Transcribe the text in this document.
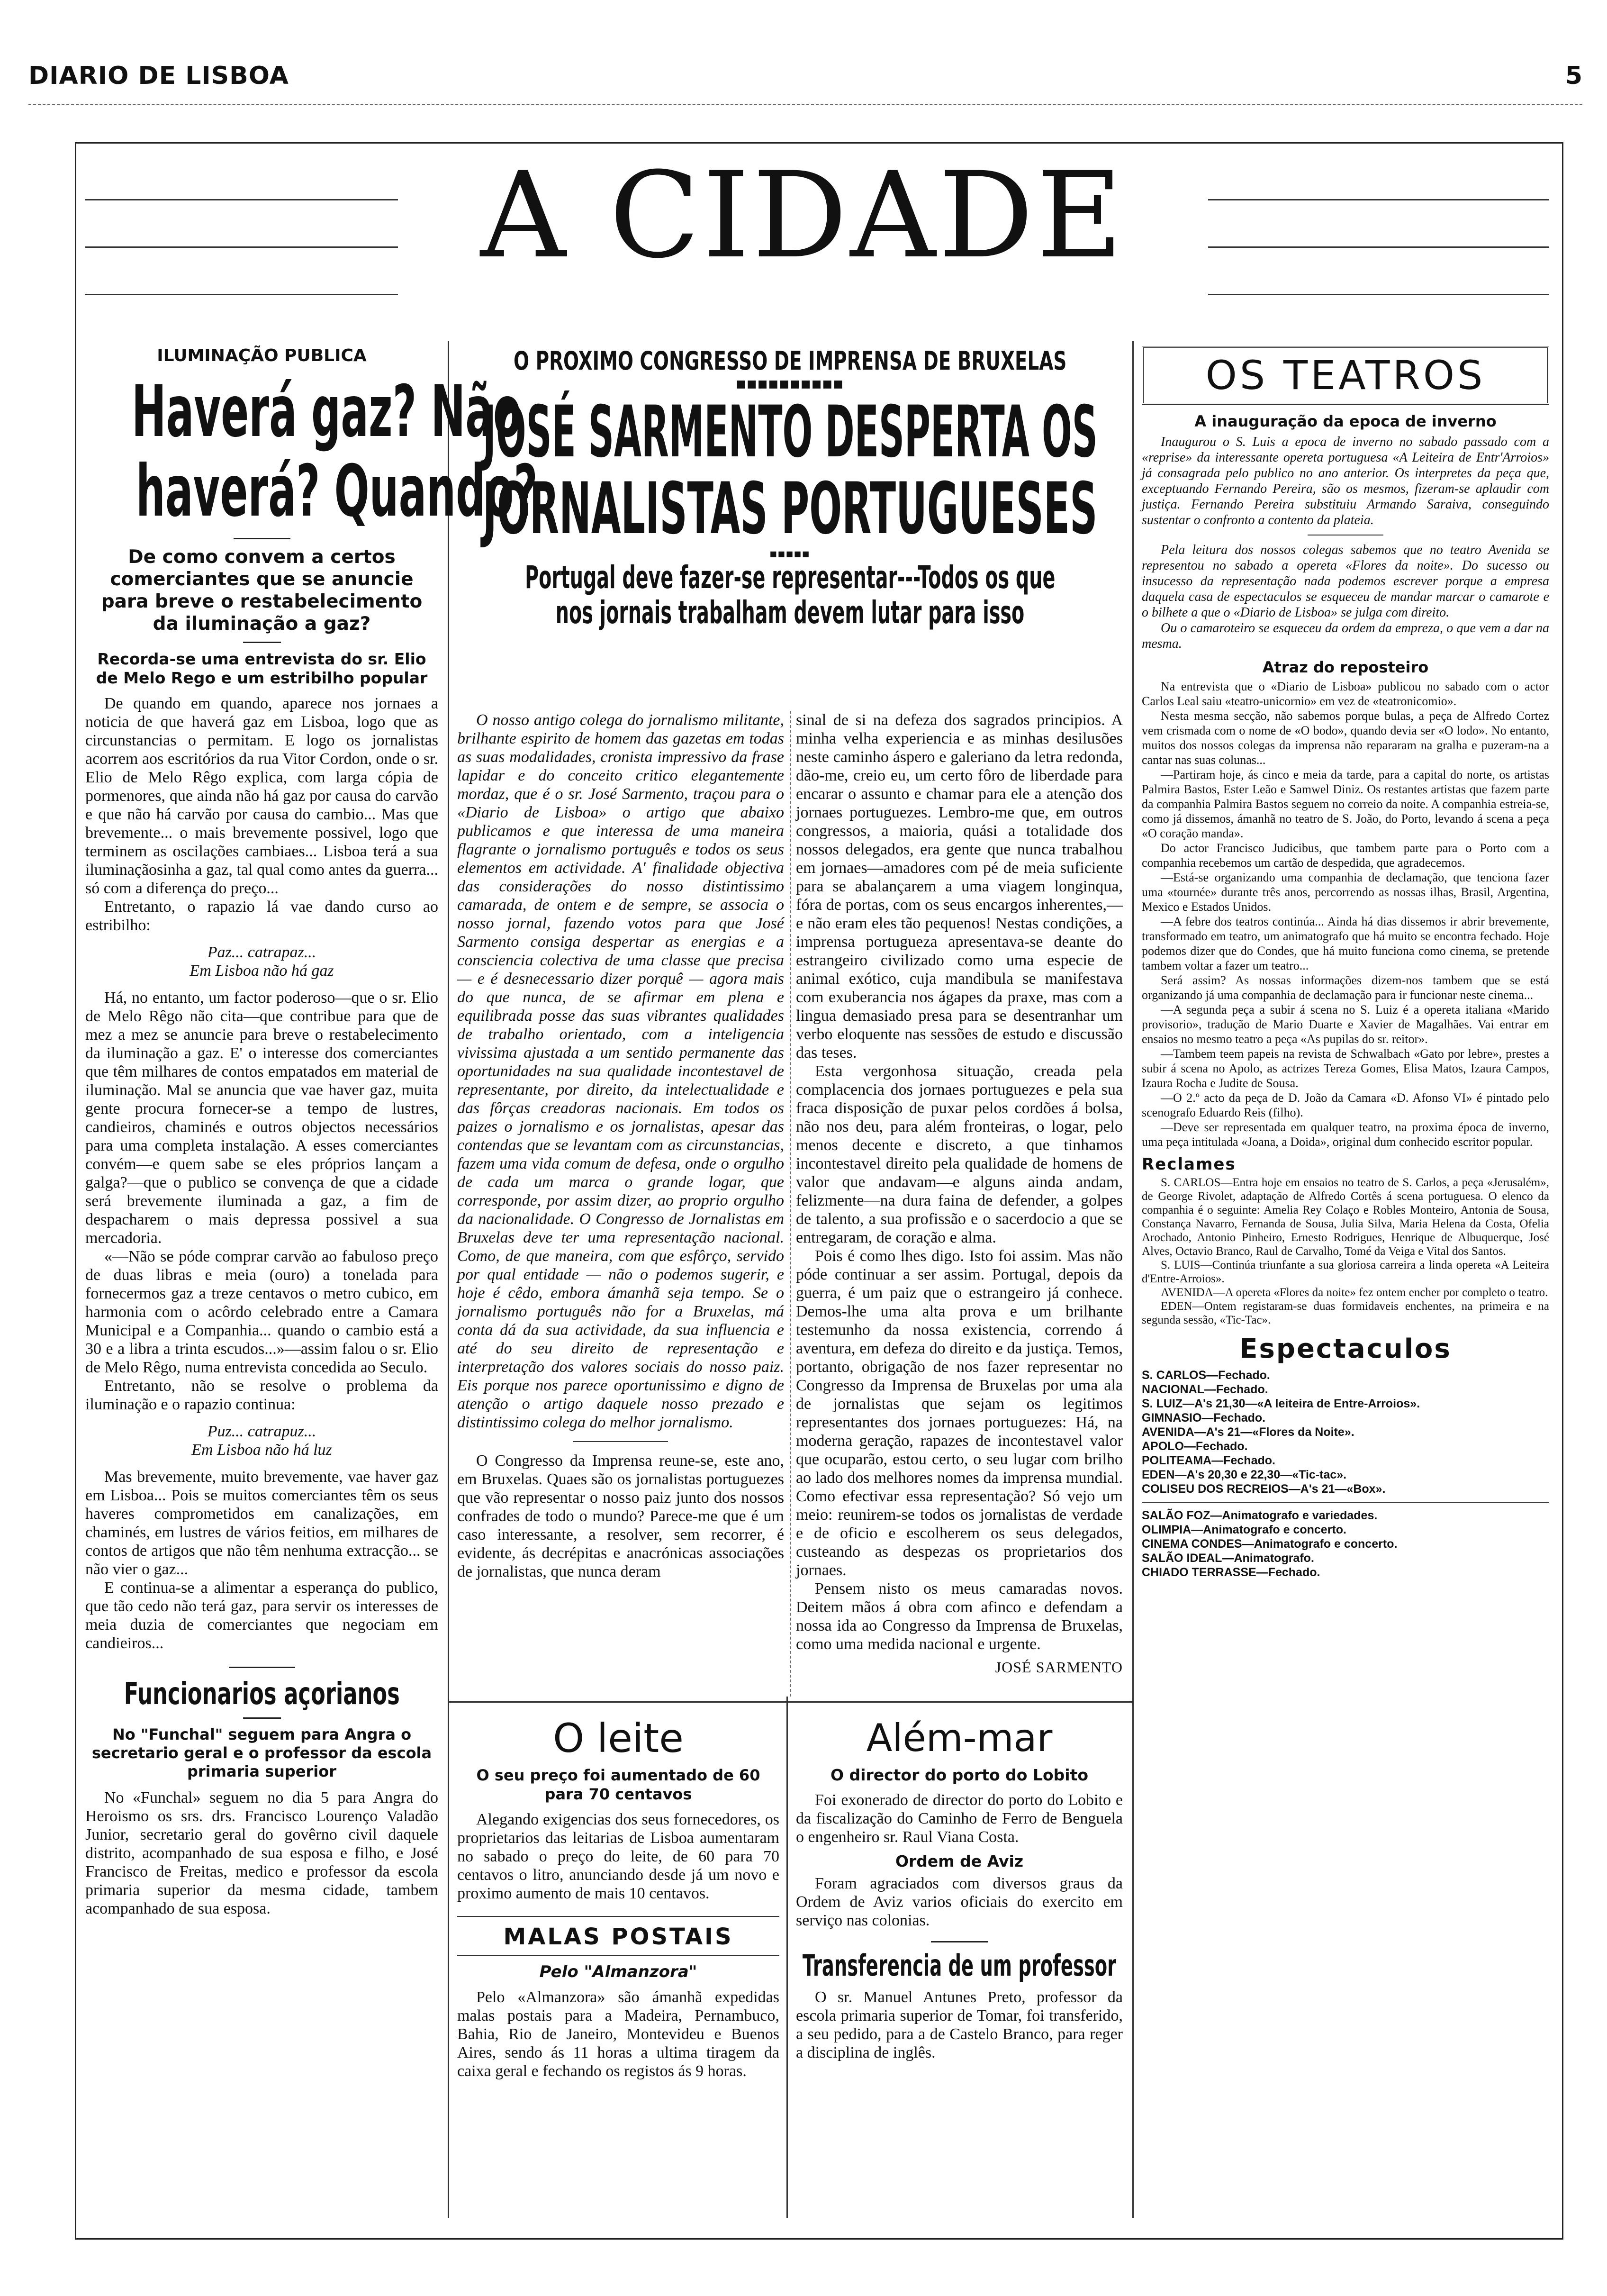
DIARIO DE LISBOA	5
A CIDADE
ILUMINAÇÃO PUBLICA
Haverá gaz? Não
haverá? Quando?
De como convem a certos comerciantes que se anuncie para breve o restabelecimento da iluminação a gaz?
Recorda-se uma entrevista do sr. Elio de Melo Rego e um estribilho popular

De quando em quando, aparece nos jornaes a noticia de que haverá gaz em Lisboa, logo que as circunstancias o permitam. E logo os jornalistas acorrem aos escritórios da rua Vitor Cordon, onde o sr. Elio de Melo Rêgo explica, com larga cópia de pormenores, que ainda não há gaz por causa do carvão e que não há carvão por causa do cambio... Mas que brevemente... o mais brevemente possivel, logo que terminem as oscilações cambiaes... Lisboa terá a sua iluminaçãosinha a gaz, tal qual como antes da guerra... só com a diferença do preço...

Entretanto, o rapazio lá vae dando curso ao estribilho:

Paz... catrapaz...
Em Lisboa não há gaz

Há, no entanto, um factor poderoso—que o sr. Elio de Melo Rêgo não cita—que contribue para que de mez a mez se anuncie para breve o restabelecimento da iluminação a gaz. E' o interesse dos comerciantes que têm milhares de contos empatados em material de iluminação. Mal se anuncia que vae haver gaz, muita gente procura fornecer-se a tempo de lustres, candieiros, chaminés e outros objectos necessários para uma completa instalação. A esses comerciantes convém—e quem sabe se eles próprios lançam a galga?—que o publico se convença de que a cidade será brevemente iluminada a gaz, a fim de despacharem o mais depressa possivel a sua mercadoria.

«—Não se póde comprar carvão ao fabuloso preço de duas libras e meia (ouro) a tonelada para fornecermos gaz a treze centavos o metro cubico, em harmonia com o acôrdo celebrado entre a Camara Municipal e a Companhia... quando o cambio está a 30 e a libra a trinta escudos...»—assim falou o sr. Elio de Melo Rêgo, numa entrevista concedida ao Seculo.

Entretanto, não se resolve o problema da iluminação e o rapazio continua:

Puz... catrapuz...
Em Lisboa não há luz

Mas brevemente, muito brevemente, vae haver gaz em Lisboa... Pois se muitos comerciantes têm os seus haveres comprometidos em canalizações, em chaminés, em lustres de vários feitios, em milhares de contos de artigos que não têm nenhuma extracção... se não vier o gaz...

E continua-se a alimentar a esperança do publico, que tão cedo não terá gaz, para servir os interesses de meia duzia de comerciantes que negociam em candieiros...

Funcionarios açorianos
No "Funchal" seguem para Angra o secretario geral e o professor da escola primaria superior

No «Funchal» seguem no dia 5 para Angra do Heroismo os srs. drs. Francisco Lourenço Valadão Junior, secretario geral do govêrno civil daquele distrito, acompanhado de sua esposa e filho, e José Francisco de Freitas, medico e professor da escola primaria superior da mesma cidade, tambem acompanhado de sua esposa.

O PROXIMO CONGRESSO DE IMPRENSA DE BRUXELAS
■■■■■■■■■■
JOSÉ SARMENTO DESPERTA OS
JORNALISTAS PORTUGUESES
■■■■■
Portugal deve fazer-se representar---Todos os que
nos jornais trabalham devem lutar para isso

O nosso antigo colega do jornalismo militante, brilhante espirito de homem das gazetas em todas as suas modalidades, cronista impressivo da frase lapidar e do conceito critico elegantemente mordaz, que é o sr. José Sarmento, traçou para o «Diario de Lisboa» o artigo que abaixo publicamos e que interessa de uma maneira flagrante o jornalismo português e todos os seus elementos em actividade. A' finalidade objectiva das considerações do nosso distintissimo camarada, de ontem e de sempre, se associa o nosso jornal, fazendo votos para que José Sarmento consiga despertar as energias e a consciencia colectiva de uma classe que precisa — e é desnecessario dizer porquê — agora mais do que nunca, de se afirmar em plena e equilibrada posse das suas vibrantes qualidades de trabalho orientado, com a inteligencia vivissima ajustada a um sentido permanente das oportunidades na sua qualidade incontestavel de representante, por direito, da intelectualidade e das fôrças creadoras nacionais. Em todos os paizes o jornalismo e os jornalistas, apesar das contendas que se levantam com as circunstancias, fazem uma vida comum de defesa, onde o orgulho de cada um marca o grande logar, que corresponde, por assim dizer, ao proprio orgulho da nacionalidade. O Congresso de Jornalistas em Bruxelas deve ter uma representação nacional. Como, de que maneira, com que esfôrço, servido por qual entidade — não o podemos sugerir, e hoje é cêdo, embora ámanhã seja tempo. Se o jornalismo português não for a Bruxelas, má conta dá da sua actividade, da sua influencia e até do seu direito de representação e interpretação dos valores sociais do nosso paiz. Eis porque nos parece oportunissimo e digno de atenção o artigo daquele nosso prezado e distintissimo colega do melhor jornalismo.

O Congresso da Imprensa reune-se, este ano, em Bruxelas. Quaes são os jornalistas portuguezes que vão representar o nosso paiz junto dos nossos confrades de todo o mundo? Parece-me que é um caso interessante, a resolver, sem recorrer, é evidente, ás decrépitas e anacrónicas associações de jornalistas, que nunca deram

sinal de si na defeza dos sagrados principios. A minha velha experiencia e as minhas desilusões neste caminho áspero e galeriano da letra redonda, dão-me, creio eu, um certo fôro de liberdade para encarar o assunto e chamar para ele a atenção dos jornaes portuguezes. Lembro-me que, em outros congressos, a maioria, quási a totalidade dos nossos delegados, era gente que nunca trabalhou em jornaes—amadores com pé de meia suficiente para se abalançarem a uma viagem longinqua, fóra de portas, com os seus encargos inherentes,—e não eram eles tão pequenos! Nestas condições, a imprensa portugueza apresentava-se deante do estrangeiro civilizado como uma especie de animal exótico, cuja mandibula se manifestava com exuberancia nos ágapes da praxe, mas com a lingua demasiado presa para se desentranhar um verbo eloquente nas sessões de estudo e discussão das teses.

Esta vergonhosa situação, creada pela complacencia dos jornaes portuguezes e pela sua fraca disposição de puxar pelos cordões á bolsa, não nos deu, para além fronteiras, o logar, pelo menos decente e discreto, a que tinhamos incontestavel direito pela qualidade de homens de valor que andavam—e alguns ainda andam, felizmente—na dura faina de defender, a golpes de talento, a sua profissão e o sacerdocio a que se entregaram, de coração e alma.

Pois é como lhes digo. Isto foi assim. Mas não póde continuar a ser assim. Portugal, depois da guerra, é um paiz que o estrangeiro já conhece. Demos-lhe uma alta prova e um brilhante testemunho da nossa existencia, correndo á aventura, em defeza do direito e da justiça. Temos, portanto, obrigação de nos fazer representar no Congresso da Imprensa de Bruxelas por uma ala de jornalistas que sejam os legitimos representantes dos jornaes portuguezes: Há, na moderna geração, rapazes de incontestavel valor que ocuparão, estou certo, o seu lugar com brilho ao lado dos melhores nomes da imprensa mundial. Como efectivar essa representação? Só vejo um meio: reunirem-se todos os jornalistas de verdade e de oficio e escolherem os seus delegados, custeando as despezas os proprietarios dos jornaes.

Pensem nisto os meus camaradas novos. Deitem mãos á obra com afinco e defendam a nossa ida ao Congresso da Imprensa de Bruxelas, como uma medida nacional e urgente.

JOSÉ SARMENTO
O leite
O seu preço foi aumentado de 60 para 70 centavos

Alegando exigencias dos seus fornecedores, os proprietarios das leitarias de Lisboa aumentaram no sabado o preço do leite, de 60 para 70 centavos o litro, anunciando desde já um novo e proximo aumento de mais 10 centavos.

MALAS POSTAIS
Pelo "Almanzora"

Pelo «Almanzora» são ámanhã expedidas malas postais para a Madeira, Pernambuco, Bahia, Rio de Janeiro, Montevideu e Buenos Aires, sendo ás 11 horas a ultima tiragem da caixa geral e fechando os registos ás 9 horas.

Além-mar
O director do porto do Lobito

Foi exonerado de director do porto do Lobito e da fiscalização do Caminho de Ferro de Benguela o engenheiro sr. Raul Viana Costa.

Ordem de Aviz

Foram agraciados com diversos graus da Ordem de Aviz varios oficiais do exercito em serviço nas colonias.

Transferencia de um professor

O sr. Manuel Antunes Preto, professor da escola primaria superior de Tomar, foi transferido, a seu pedido, para a de Castelo Branco, para reger a disciplina de inglês.

OS TEATROS
A inauguração da epoca de inverno

Inaugurou o S. Luis a epoca de inverno no sabado passado com a «reprise» da interessante opereta portuguesa «A Leiteira de Entr'Arroios» já consagrada pelo publico no ano anterior. Os interpretes da peça que, exceptuando Fernando Pereira, são os mesmos, fizeram-se aplaudir com justiça. Fernando Pereira substituiu Armando Saraiva, conseguindo sustentar o confronto a contento da plateia.

Pela leitura dos nossos colegas sabemos que no teatro Avenida se representou no sabado a opereta «Flores da noite». Do sucesso ou insucesso da representação nada podemos escrever porque a empresa daquela casa de espectaculos se esqueceu de mandar marcar o camarote e o bilhete a que o «Diario de Lisboa» se julga com direito.

Ou o camaroteiro se esqueceu da ordem da empreza, o que vem a dar na mesma.

Atraz do reposteiro

Na entrevista que o «Diario de Lisboa» publicou no sabado com o actor Carlos Leal saiu «teatro-unicornio» em vez de «teatronicomio».

Nesta mesma secção, não sabemos porque bulas, a peça de Alfredo Cortez vem crismada com o nome de «O bodo», quando devia ser «O lodo». No entanto, muitos dos nossos colegas da imprensa não repararam na gralha e puzeram-na a cantar nas suas colunas...

—Partiram hoje, ás cinco e meia da tarde, para a capital do norte, os artistas Palmira Bastos, Ester Leão e Samwel Diniz. Os restantes artistas que fazem parte da companhia Palmira Bastos seguem no correio da noite. A companhia estreia-se, como já dissemos, ámanhã no teatro de S. João, do Porto, levando á scena a peça «O coração manda».

Do actor Francisco Judicibus, que tambem parte para o Porto com a companhia recebemos um cartão de despedida, que agradecemos.

—Está-se organizando uma companhia de declamação, que tenciona fazer uma «tournée» durante três anos, percorrendo as nossas ilhas, Brasil, Argentina, Mexico e Estados Unidos.

—A febre dos teatros continúa... Ainda há dias dissemos ir abrir brevemente, transformado em teatro, um animatografo que há muito se encontra fechado. Hoje podemos dizer que do Condes, que há muito funciona como cinema, se pretende tambem voltar a fazer um teatro...

Será assim? As nossas informações dizem-nos tambem que se está organizando já uma companhia de declamação para ir funcionar neste cinema...

—A segunda peça a subir á scena no S. Luiz é a opereta italiana «Marido provisorio», tradução de Mario Duarte e Xavier de Magalhães. Vai entrar em ensaios no mesmo teatro a peça «As pupilas do sr. reitor».

—Tambem teem papeis na revista de Schwalbach «Gato por lebre», prestes a subir á scena no Apolo, as actrizes Tereza Gomes, Elisa Matos, Izaura Campos, Izaura Rocha e Judite de Sousa.

—O 2.º acto da peça de D. João da Camara «D. Afonso VI» é pintado pelo scenografo Eduardo Reis (filho).

—Deve ser representada em qualquer teatro, na proxima época de inverno, uma peça intitulada «Joana, a Doida», original dum conhecido escritor popular.

Reclames

S. CARLOS—Entra hoje em ensaios no teatro de S. Carlos, a peça «Jerusalém», de George Rivolet, adaptação de Alfredo Cortês á scena portuguesa. O elenco da companhia é o seguinte: Amelia Rey Colaço e Robles Monteiro, Antonia de Sousa, Constança Navarro, Fernanda de Sousa, Julia Silva, Maria Helena da Costa, Ofelia Arochado, Antonio Pinheiro, Ernesto Rodrigues, Henrique de Albuquerque, José Alves, Octavio Branco, Raul de Carvalho, Tomé da Veiga e Vital dos Santos.

S. LUIS—Continúa triunfante a sua gloriosa carreira a linda opereta «A Leiteira d'Entre-Arroios».

AVENIDA—A opereta «Flores da noite» fez ontem encher por completo o teatro.

EDEN—Ontem registaram-se duas formidaveis enchentes, na primeira e na segunda sessão, «Tic-Tac».

Espectaculos
S. CARLOS—Fechado.
NACIONAL—Fechado.
S. LUIZ—A's 21,30—«A leiteira de Entre-Arroios».
GIMNASIO—Fechado.
AVENIDA—A's 21—«Flores da Noite».
APOLO—Fechado.
POLITEAMA—Fechado.
EDEN—A's 20,30 e 22,30—«Tic-tac».
COLISEU DOS RECREIOS—A's 21—«Box».
SALÃO FOZ—Animatografo e variedades.
OLIMPIA—Animatografo e concerto.
CINEMA CONDES—Animatografo e concerto.
SALÃO IDEAL—Animatografo.
CHIADO TERRASSE—Fechado.
